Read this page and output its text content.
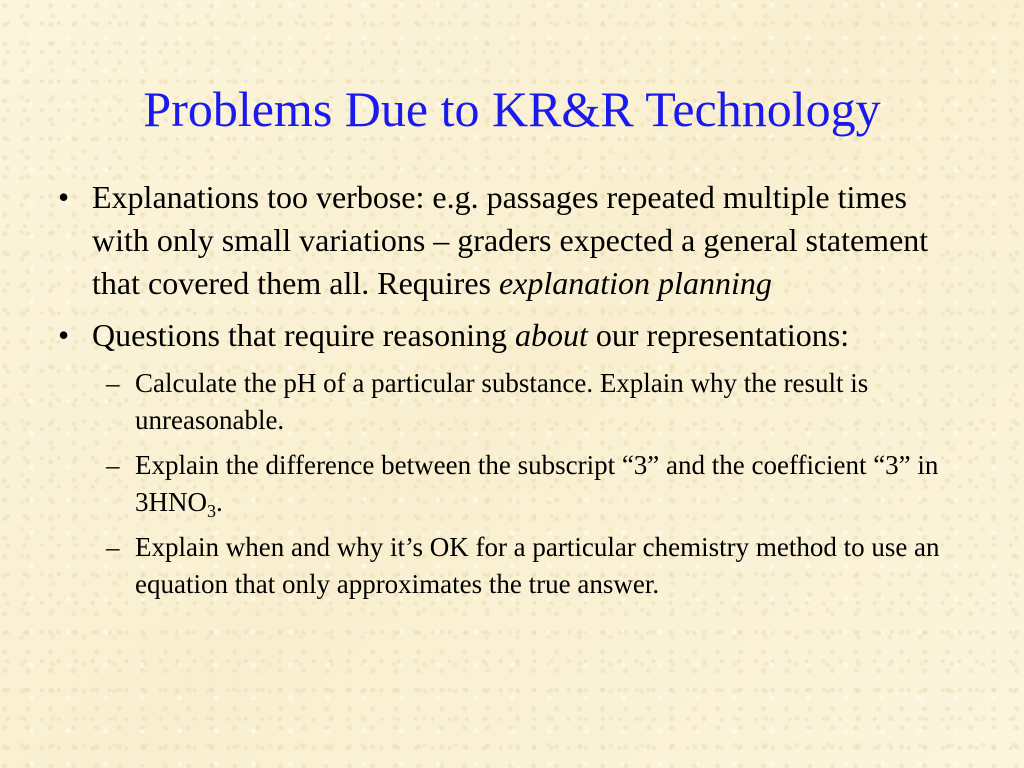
Problems Due to KR&R Technology
• Explanations too verbose: e.g. passages repeated multiple times with only small variations – graders expected a general statement that covered them all. Requires explanation planning
• Questions that require reasoning about our representations:
– Calculate the pH of a particular substance. Explain why the result is unreasonable.
– Explain the difference between the subscript “3” and the coefficient “3” in $3HNO_3$.
– Explain when and why it’s OK for a particular chemistry method to use an equation that only approximates the true answer.
